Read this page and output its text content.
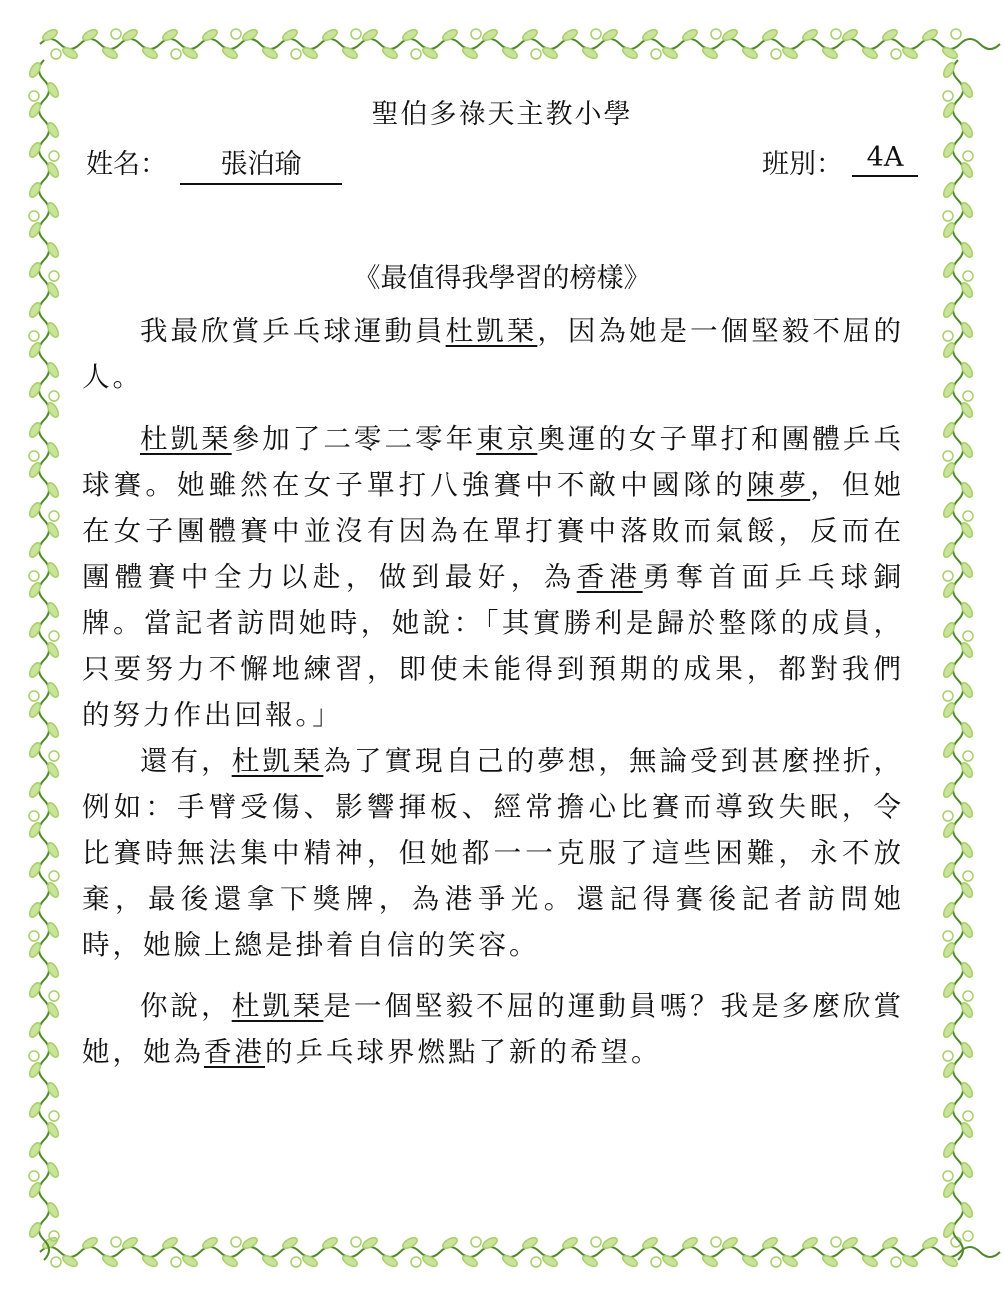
聖伯多祿天主教小學
姓名：	張泊瑜	班別： 4A
《最值得我學習的榜樣》

我最欣賞乒乓球運動員杜凱琹，因為她是一個堅毅不屈的人。

杜凱琹參加了二零二零年東京奧運的女子單打和團體乒乓球賽。她雖然在女子單打八強賽中不敵中國隊的陳夢，但她在女子團體賽中並沒有因為在單打賽中落敗而氣餒，反而在團體賽中全力以赴，做到最好，為香港勇奪首面乒乓球銅牌。當記者訪問她時，她說：「其實勝利是歸於整隊的成員，只要努力不懈地練習，即使未能得到預期的成果，都對我們的努力作出回報。」

還有，杜凱琹為了實現自己的夢想，無論受到甚麼挫折，例如：手臂受傷、影響揮板、經常擔心比賽而導致失眠，令比賽時無法集中精神，但她都一一克服了這些困難，永不放棄，最後還拿下獎牌，為港爭光。還記得賽後記者訪問她時，她臉上總是掛着自信的笑容。

你說，杜凱琹是一個堅毅不屈的運動員嗎？我是多麼欣賞她，她為香港的乒乓球界燃點了新的希望。
